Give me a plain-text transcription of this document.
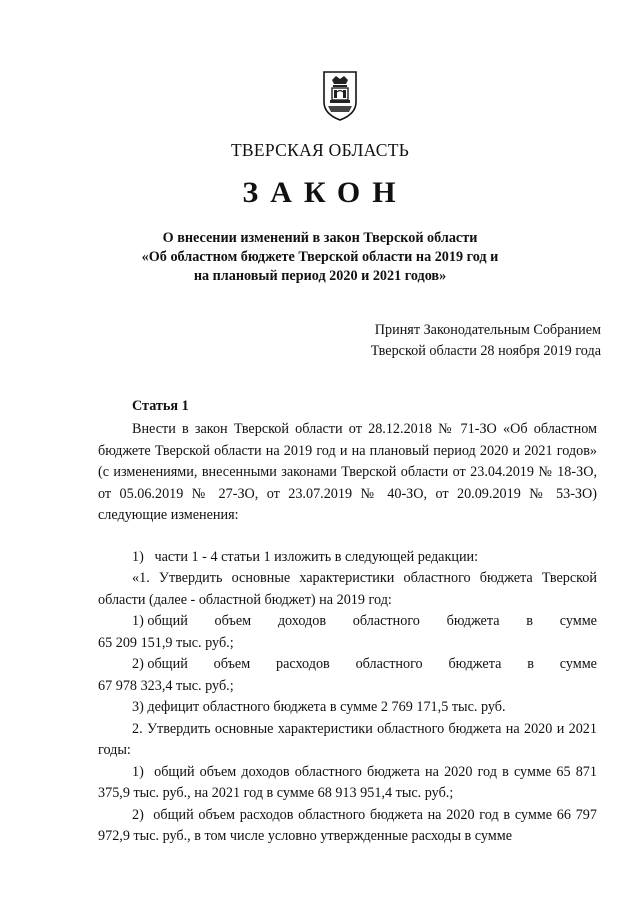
ТВЕРСКАЯ ОБЛАСТЬ
ЗАКОН
О внесении изменений в закон Тверской области
«Об областном бюджете Тверской области на 2019 год и
на плановый период 2020 и 2021 годов»
Принят Законодательным Собранием
Тверской области 28 ноября 2019 года
Статья 1

Внести в закон Тверской области от 28.12.2018 № 71-ЗО «Об областном бюджете Тверской области на 2019 год и на плановый период 2020 и 2021 годов» (с изменениями, внесенными законами Тверской области от 23.04.2019 № 18-ЗО, от 05.06.2019 № 27-ЗО, от 23.07.2019 № 40-ЗО, от 20.09.2019 № 53-ЗО) следующие изменения:

1)   части 1 - 4 статьи 1 изложить в следующей редакции:

«1. Утвердить основные характеристики областного бюджета Тверской области (далее - областной бюджет) на 2019 год:

1) общий объем доходов областного бюджета в сумме

65 209 151,9 тыс. руб.;

2) общий объем расходов областного бюджета в сумме

67 978 323,4 тыс. руб.;

3) дефицит областного бюджета в сумме 2 769 171,5 тыс. руб.

2. Утвердить основные характеристики областного бюджета на 2020 и 2021 годы:

1)  общий объем доходов областного бюджета на 2020 год в сумме 65 871 375,9 тыс. руб., на 2021 год в сумме 68 913 951,4 тыс. руб.;

2)  общий объем расходов областного бюджета на 2020 год в сумме 66 797 972,9 тыс. руб., в том числе условно утвержденные расходы в сумме
